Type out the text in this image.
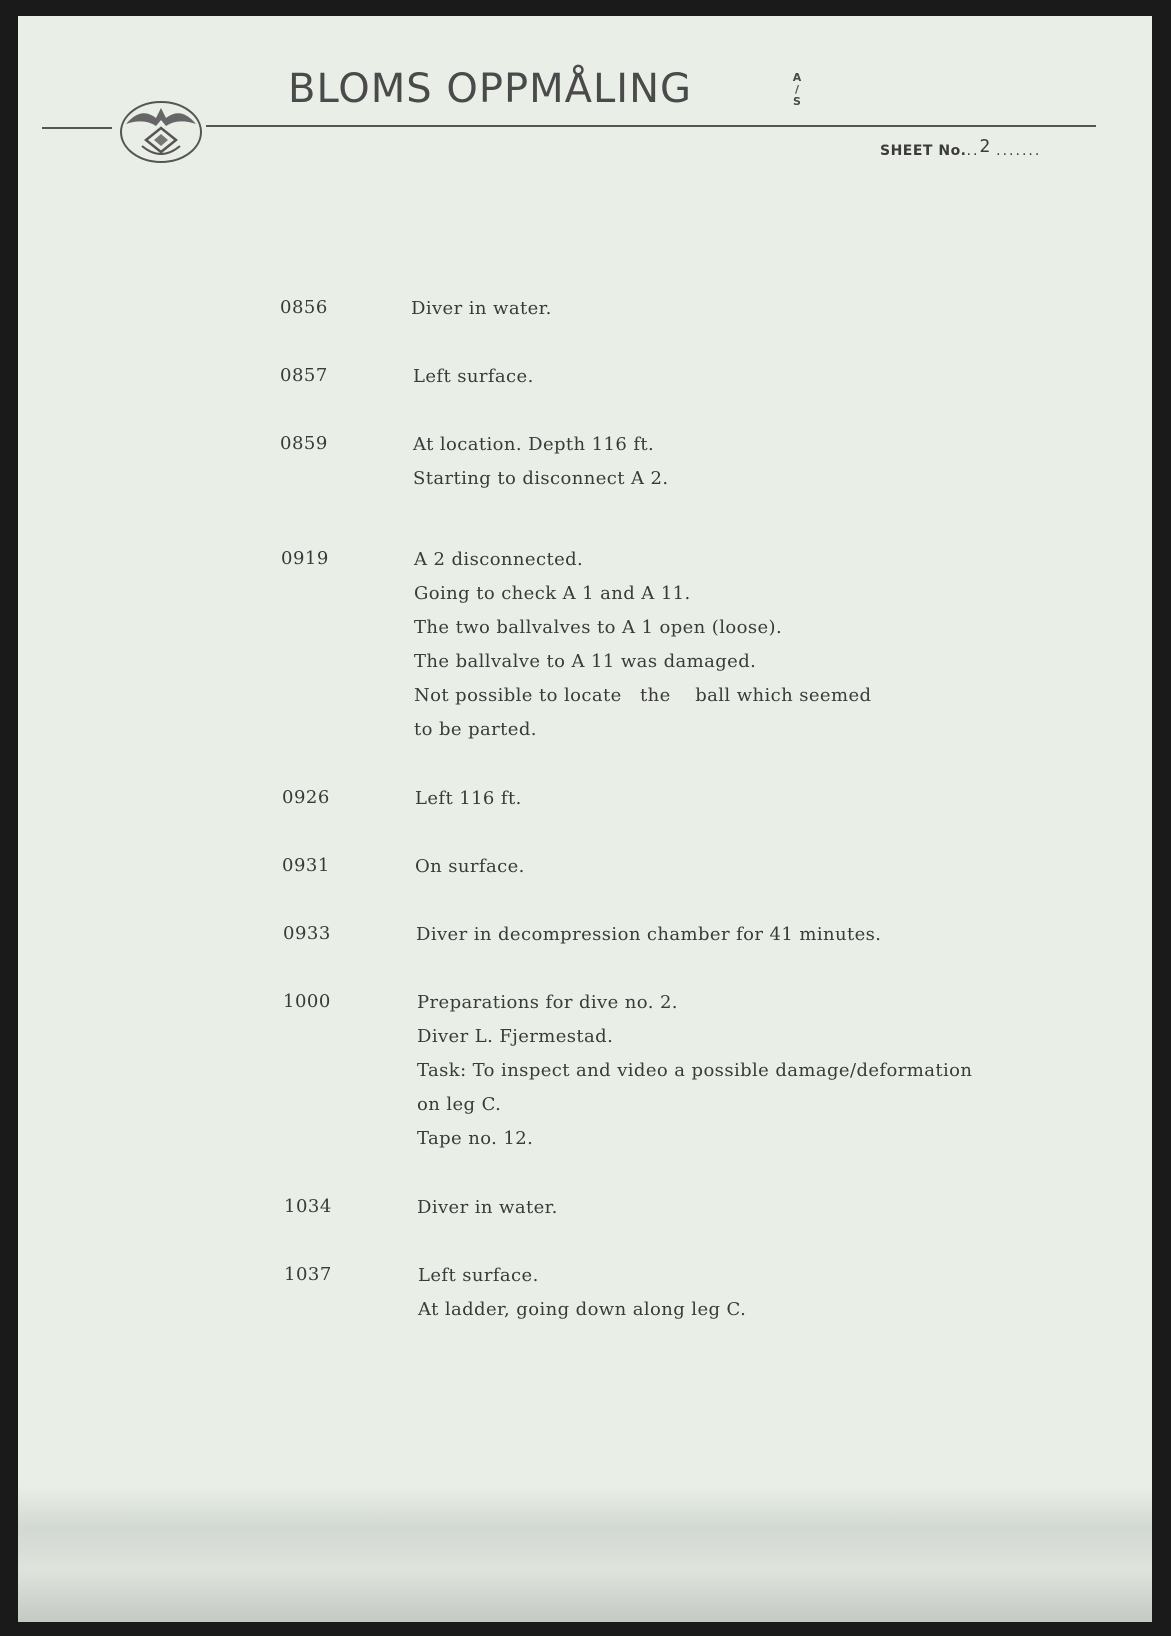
BLOMS OPPMÅLING	A
/
S
SHEET No...2 .......
0856	Diver in water.
0857	Left surface.
0859	At location. Depth 116 ft.
Starting to disconnect A 2.
0919	A 2 disconnected.
Going to check A 1 and A 11.
The two ballvalves to A 1 open (loose).
The ballvalve to A 11 was damaged.
Not possible to locate   the    ball which seemed
to be parted.
0926	Left 116 ft.
0931	On surface.
0933	Diver in decompression chamber for 41 minutes.
1000	Preparations for dive no. 2.
Diver L. Fjermestad.
Task: To inspect and video a possible damage/deformation
on leg C.
Tape no. 12.
1034	Diver in water.
1037	Left surface.
At ladder, going down along leg C.
